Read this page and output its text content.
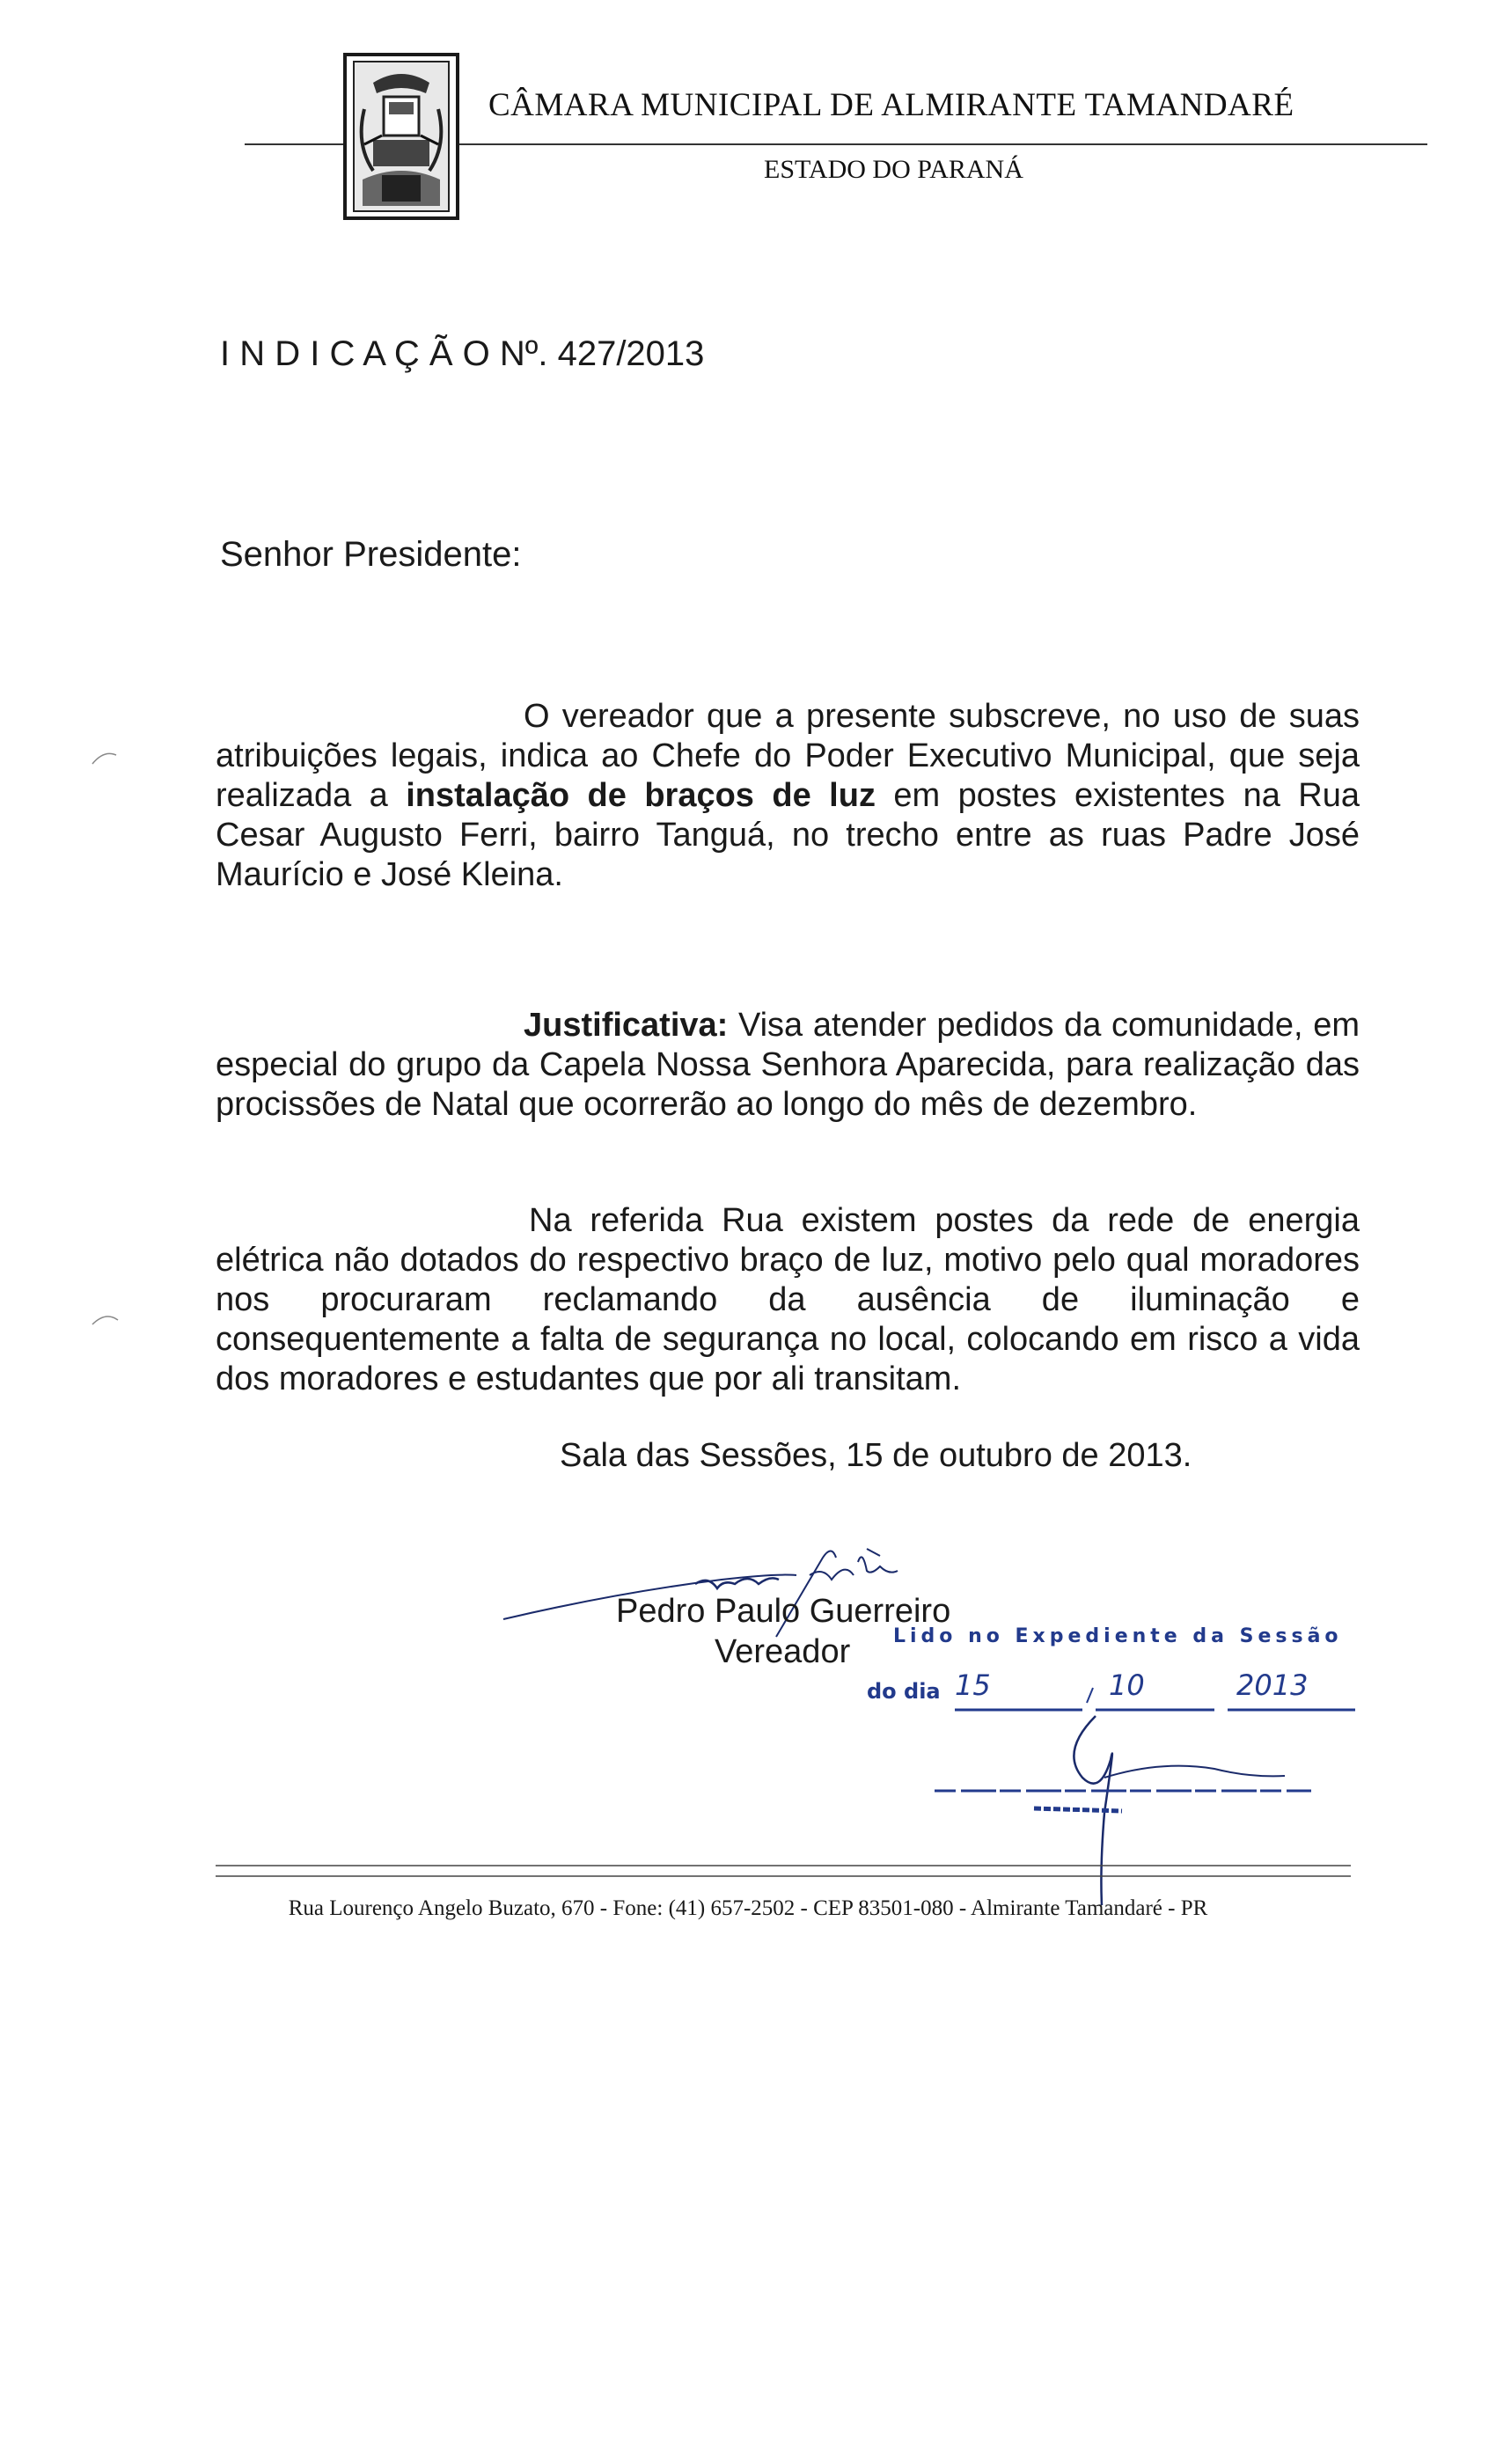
CÂMARA MUNICIPAL DE ALMIRANTE TAMANDARÉ
ESTADO DO PARANÁ
I N D I C A Ç Ã O Nº. 427/2013
Senhor Presidente:
O vereador que a presente subscreve, no uso de suas atribuições legais, indica ao Chefe do Poder Executivo Municipal, que seja realizada a instalação de braços de luz em postes existentes na Rua Cesar Augusto Ferri, bairro Tanguá, no trecho entre as ruas Padre José Maurício e José Kleina.
Justificativa: Visa atender pedidos da comunidade, em especial do grupo da Capela Nossa Senhora Aparecida, para realização das procissões de Natal que ocorrerão ao longo do mês de dezembro.
Na referida Rua existem postes da rede de energia elétrica não dotados do respectivo braço de luz, motivo pelo qual moradores nos procuraram reclamando da ausência de iluminação e consequentemente a falta de segurança no local, colocando em risco a vida dos moradores e estudantes que por ali transitam.
Sala das Sessões, 15 de outubro de 2013.
Pedro Paulo Guerreiro
Vereador Lido no Expediente da Sessão
do dia 15	10	2013
Rua Lourenço Angelo Buzato, 670 - Fone: (41) 657-2502 - CEP 83501-080 - Almirante Tamandaré - PR
